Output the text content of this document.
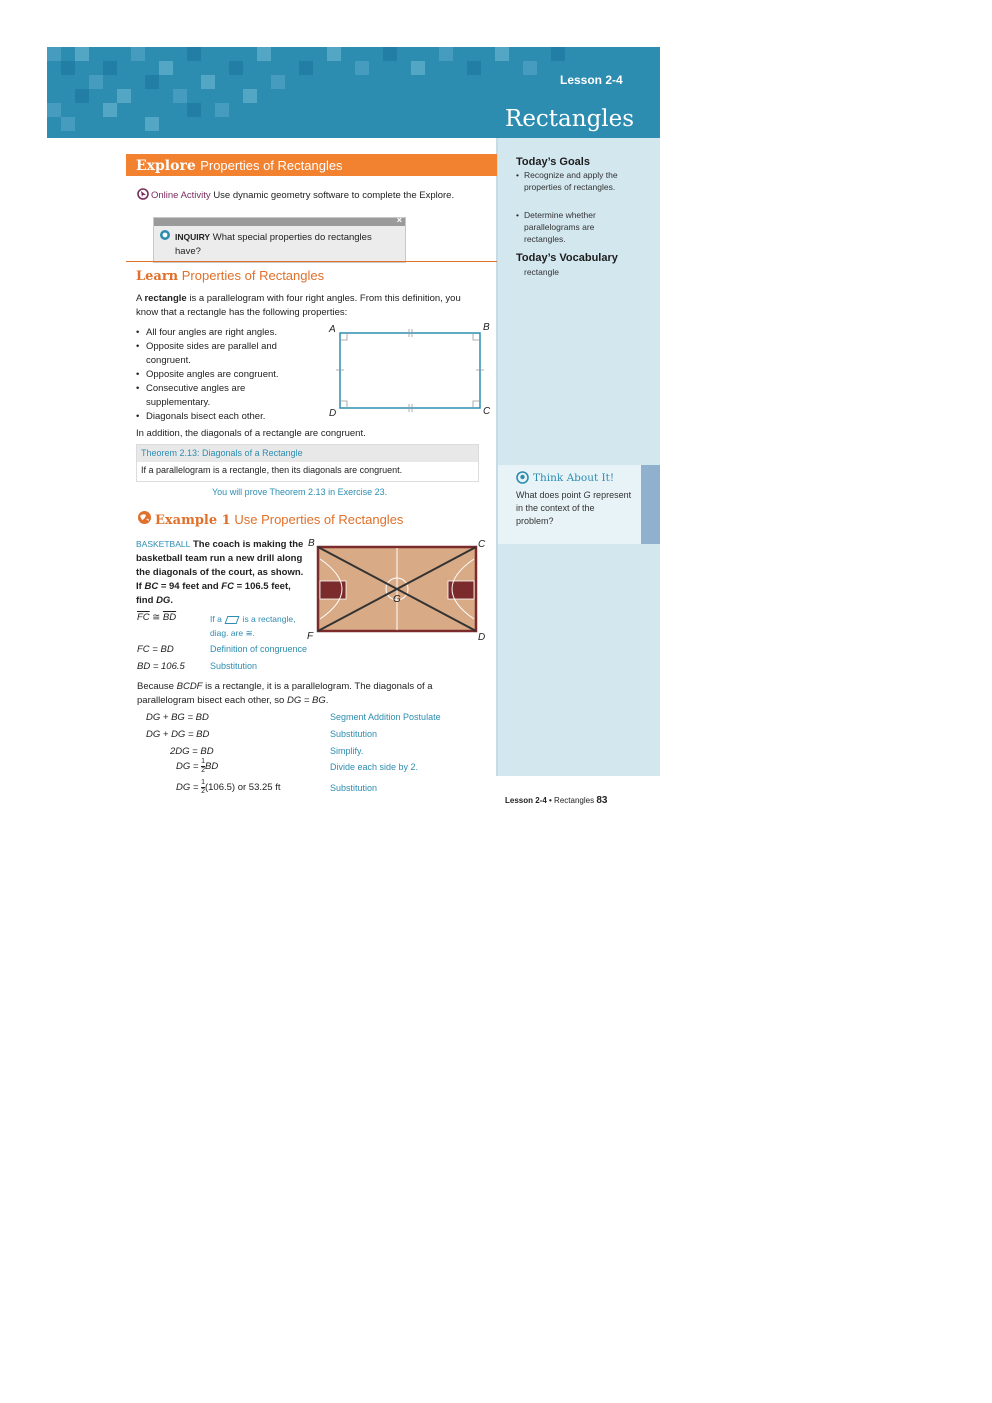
Lesson 2-4
Rectangles
Today’s Goals
• Recognize and apply the properties of rectangles.
• Determine whether parallelograms are rectangles.
Today’s Vocabulary
rectangle
Think About It!
What does point G represent in the context of the problem?
Explore Properties of Rectangles
Online Activity Use dynamic geometry software to complete the Explore.
×
INQUIRY What special properties do rectangles have?
Learn Properties of Rectangles
A rectangle is a parallelogram with four right angles. From this definition, you know that a rectangle has the following properties:
• All four angles are right angles.
• Opposite sides are parallel and congruent.
• Opposite angles are congruent.
• Consecutive angles are supplementary.
• Diagonals bisect each other.
A	B
C
D
In addition, the diagonals of a rectangle are congruent.
Theorem 2.13: Diagonals of a Rectangle
If a parallelogram is a rectangle, then its diagonals are congruent.
You will prove Theorem 2.13 in Exercise 23.
Example 1 Use Properties of Rectangles
BASKETBALL The coach is making the basketball team run a new drill along the diagonals of the court, as shown. If BC = 94 feet and FC = 106.5 feet, find DG.
B	C
D
F
G
$\overline{FC}$ ≅ $\overline{BD}$	If a  is a rectangle, diag. are ≅.
FC = BD	Definition of congruence
BD = 106.5	Substitution
Because BCDF is a rectangle, it is a parallelogram. The diagonals of a parallelogram bisect each other, so DG = BG.
DG + BG = BD	Segment Addition Postulate
DG + DG = BD	Substitution
2DG = BD	Simplify.
DG = $\frac{1}{2}$ BD	Divide each side by 2.
DG = $\frac{1}{2} (106.5)$ or 53.25 ft	Substitution
Lesson 2-4 • Rectangles 83
